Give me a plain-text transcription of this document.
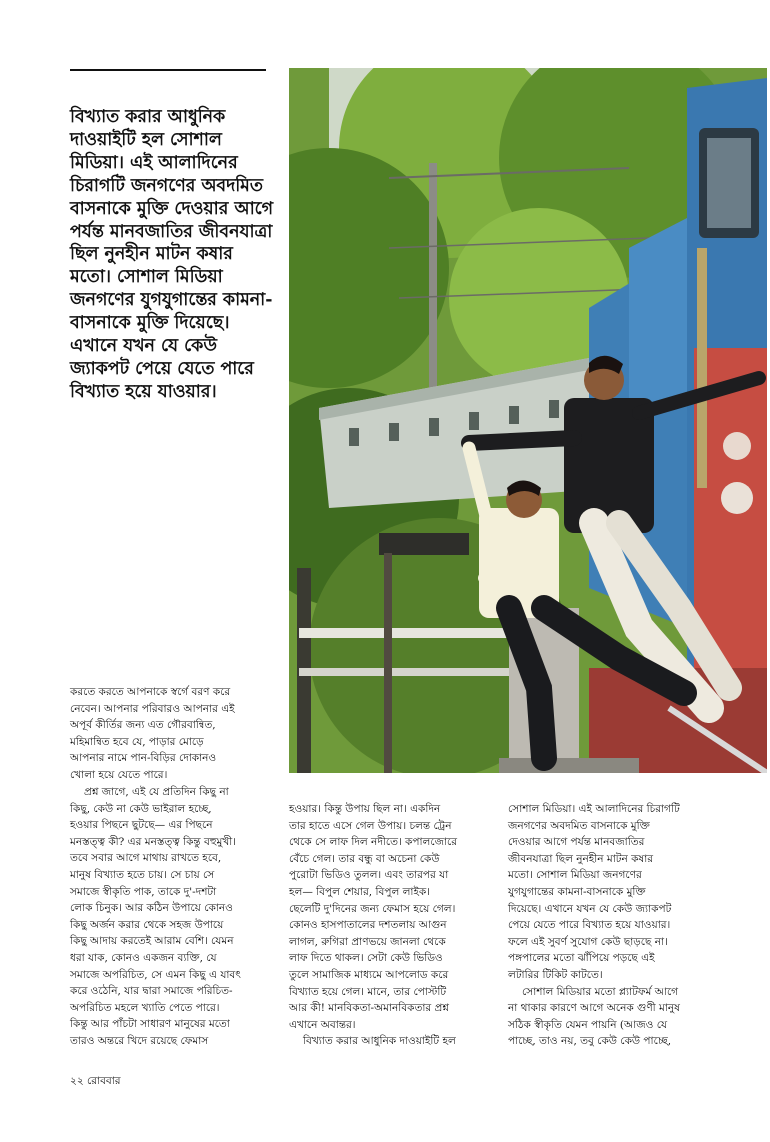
বিখ্যাত করার আধুনিক
দাওয়াইটি হল সোশাল
মিডিয়া। এই আলাদিনের
চিরাগটি জনগণের অবদমিত
বাসনাকে মুক্তি দেওয়ার আগে
পর্যন্ত মানবজাতির জীবনযাত্রা
ছিল নুনহীন মাটন কষার
মতো। সোশাল মিডিয়া
জনগণের যুগযুগান্তের কামনা-
বাসনাকে মুক্তি দিয়েছে।
এখানে যখন যে কেউ
জ্যাকপট পেয়ে যেতে পারে
বিখ্যাত হয়ে যাওয়ার।
করতে করতে আপনাকে স্বর্গে বরণ করে
নেবেন। আপনার পরিবারও আপনার এই
অপূর্ব কীর্তির জন্য এত গৌরবান্বিত,
মহিমান্বিত হবে যে, পাড়ার মোড়ে
আপনার নামে পান-বিড়ির দোকানও
খোলা হয়ে যেতে পারে।
প্রশ্ন জাগে, এই যে প্রতিদিন কিছু না
কিছু, কেউ না কেউ ভাইরাল হচ্ছে,
হওয়ার পিছনে ছুটছে— এর পিছনে
মনস্তত্ত্ব কী? এর মনস্তত্ত্ব কিন্তু বহুমুখী।
তবে সবার আগে মাথায় রাখতে হবে,
মানুষ বিখ্যাত হতে চায়। সে চায় সে
সমাজে স্বীকৃতি পাক, তাকে দু'-দশটা
লোক চিনুক। আর কঠিন উপায়ে কোনও
কিছু অর্জন করার থেকে সহজ উপায়ে
কিছু আদায় করতেই আরাম বেশি। যেমন
ধরা যাক, কোনও একজন ব্যক্তি, যে
সমাজে অপরিচিত, সে এমন কিছু এ যাবৎ
করে ওঠেনি, যার দ্বারা সমাজে পরিচিত-
অপরিচিত মহলে খ্যাতি পেতে পারে।
কিন্তু আর পাঁচটা সাধারণ মানুষের মতো
তারও অন্তরে খিদে রয়েছে ফেমাস
হওয়ার। কিন্তু উপায় ছিল না। একদিন
তার হাতে এসে গেল উপায়। চলন্ত ট্রেন
থেকে সে লাফ দিল নদীতে। কপালজোরে
বেঁচে গেল। তার বন্ধু বা অচেনা কেউ
পুরোটা ভিডিও তুলল। এবং তারপর যা
হল— বিপুল শেয়ার, বিপুল লাইক।
ছেলেটি দু'দিনের জন্য ফেমাস হয়ে গেল।
কোনও হাসপাতালের দশতলায় আগুন
লাগল, রুগিরা প্রাণভয়ে জানলা থেকে
লাফ দিতে থাকল। সেটা কেউ ভিডিও
তুলে সামাজিক মাধ্যমে আপলোড করে
বিখ্যাত হয়ে গেল। মানে, তার পোস্টটি
আর কী! মানবিকতা-অমানবিকতার প্রশ্ন
এখানে অবান্তর।
বিখ্যাত করার আধুনিক দাওয়াইটি হল
সোশাল মিডিয়া। এই আলাদিনের চিরাগটি
জনগণের অবদমিত বাসনাকে মুক্তি
দেওয়ার আগে পর্যন্ত মানবজাতির
জীবনযাত্রা ছিল নুনহীন মাটন কষার
মতো। সোশাল মিডিয়া জনগণের
যুগযুগান্তের কামনা-বাসনাকে মুক্তি
দিয়েছে। এখানে যখন যে কেউ জ্যাকপট
পেয়ে যেতে পারে বিখ্যাত হয়ে যাওয়ার।
ফলে এই সুবর্ণ সুযোগ কেউ ছাড়ছে না।
পঙ্গপালের মতো ঝাঁপিয়ে পড়ছে এই
লটারির টিকিট কাটতে।
সোশাল মিডিয়ার মতো প্ল্যাটফর্ম আগে
না থাকার কারণে আগে অনেক গুণী মানুষ
সঠিক স্বীকৃতি যেমন পায়নি (আজও যে
পাচ্ছে, তাও নয়, তবু কেউ কেউ পাচ্ছে,
২২ রোববার
